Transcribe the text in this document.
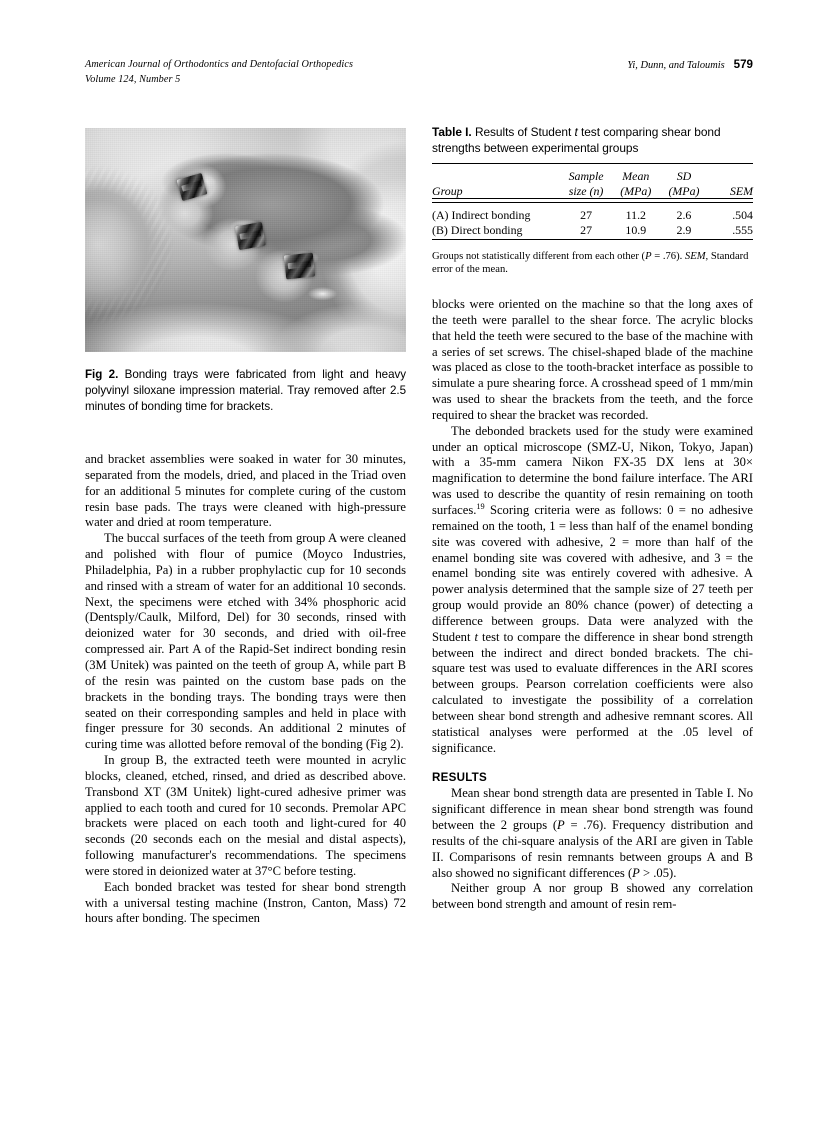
American Journal of Orthodontics and Dentofacial Orthopedics
Volume 124, Number 5
Yi, Dunn, and Taloumis 579
Fig 2. Bonding trays were fabricated from light and heavy polyvinyl siloxane impression material. Tray removed after 2.5 minutes of bonding time for brackets.
Table I. Results of Student t test comparing shear bond strengths between experimental groups

	Sample	Mean	SD	
Group	size (n)	(MPa)	(MPa)	SEM

(A) Indirect bonding	27	11.2	2.6	.504
(B) Direct bonding	27	10.9	2.9	.555

Groups not statistically different from each other (P = .76). SEM, Standard error of the mean.

and bracket assemblies were soaked in water for 30 minutes, separated from the models, dried, and placed in the Triad oven for an additional 5 minutes for complete curing of the custom resin base pads. The trays were cleaned with high-pressure water and dried at room temperature.

The buccal surfaces of the teeth from group A were cleaned and polished with flour of pumice (Moyco Industries, Philadelphia, Pa) in a rubber prophylactic cup for 10 seconds and rinsed with a stream of water for an additional 10 seconds. Next, the specimens were etched with 34% phosphoric acid (Dentsply/Caulk, Milford, Del) for 30 seconds, rinsed with deionized water for 30 seconds, and dried with oil-free compressed air. Part A of the Rapid-Set indirect bonding resin (3M Unitek) was painted on the teeth of group A, while part B of the resin was painted on the custom base pads on the brackets in the bonding trays. The bonding trays were then seated on their corresponding samples and held in place with finger pressure for 30 seconds. An additional 2 minutes of curing time was allotted before removal of the bonding (Fig 2).

In group B, the extracted teeth were mounted in acrylic blocks, cleaned, etched, rinsed, and dried as described above. Transbond XT (3M Unitek) light-cured adhesive primer was applied to each tooth and cured for 10 seconds. Premolar APC brackets were placed on each tooth and light-cured for 40 seconds (20 seconds each on the mesial and distal aspects), following manufacturer's recommendations. The specimens were stored in deionized water at 37°C before testing.

Each bonded bracket was tested for shear bond strength with a universal testing machine (Instron, Canton, Mass) 72 hours after bonding. The specimen

blocks were oriented on the machine so that the long axes of the teeth were parallel to the shear force. The acrylic blocks that held the teeth were secured to the base of the machine with a series of set screws. The chisel-shaped blade of the machine was placed as close to the tooth-bracket interface as possible to simulate a pure shearing force. A crosshead speed of 1 mm/min was used to shear the brackets from the teeth, and the force required to shear the bracket was recorded.

The debonded brackets used for the study were examined under an optical microscope (SMZ-U, Nikon, Tokyo, Japan) with a 35-mm camera Nikon FX-35 DX lens at 30× magnification to determine the bond failure interface. The ARI was used to describe the quantity of resin remaining on tooth surfaces.$^{19}$ Scoring criteria were as follows: 0 = no adhesive remained on the tooth, 1 = less than half of the enamel bonding site was covered with adhesive, 2 = more than half of the enamel bonding site was covered with adhesive, and 3 = the enamel bonding site was entirely covered with adhesive. A power analysis determined that the sample size of 27 teeth per group would provide an 80% chance (power) of detecting a difference between groups. Data were analyzed with the Student t test to compare the difference in shear bond strength between the indirect and direct bonded brackets. The chi-square test was used to evaluate differences in the ARI scores between groups. Pearson correlation coefficients were also calculated to investigate the possibility of a correlation between shear bond strength and adhesive remnant scores. All statistical analyses were performed at the .05 level of significance.

RESULTS

Mean shear bond strength data are presented in Table I. No significant difference in mean shear bond strength was found between the 2 groups (P = .76). Frequency distribution and results of the chi-square analysis of the ARI are given in Table II. Comparisons of resin remnants between groups A and B also showed no significant differences (P > .05).

Neither group A nor group B showed any correlation between bond strength and amount of resin rem-
